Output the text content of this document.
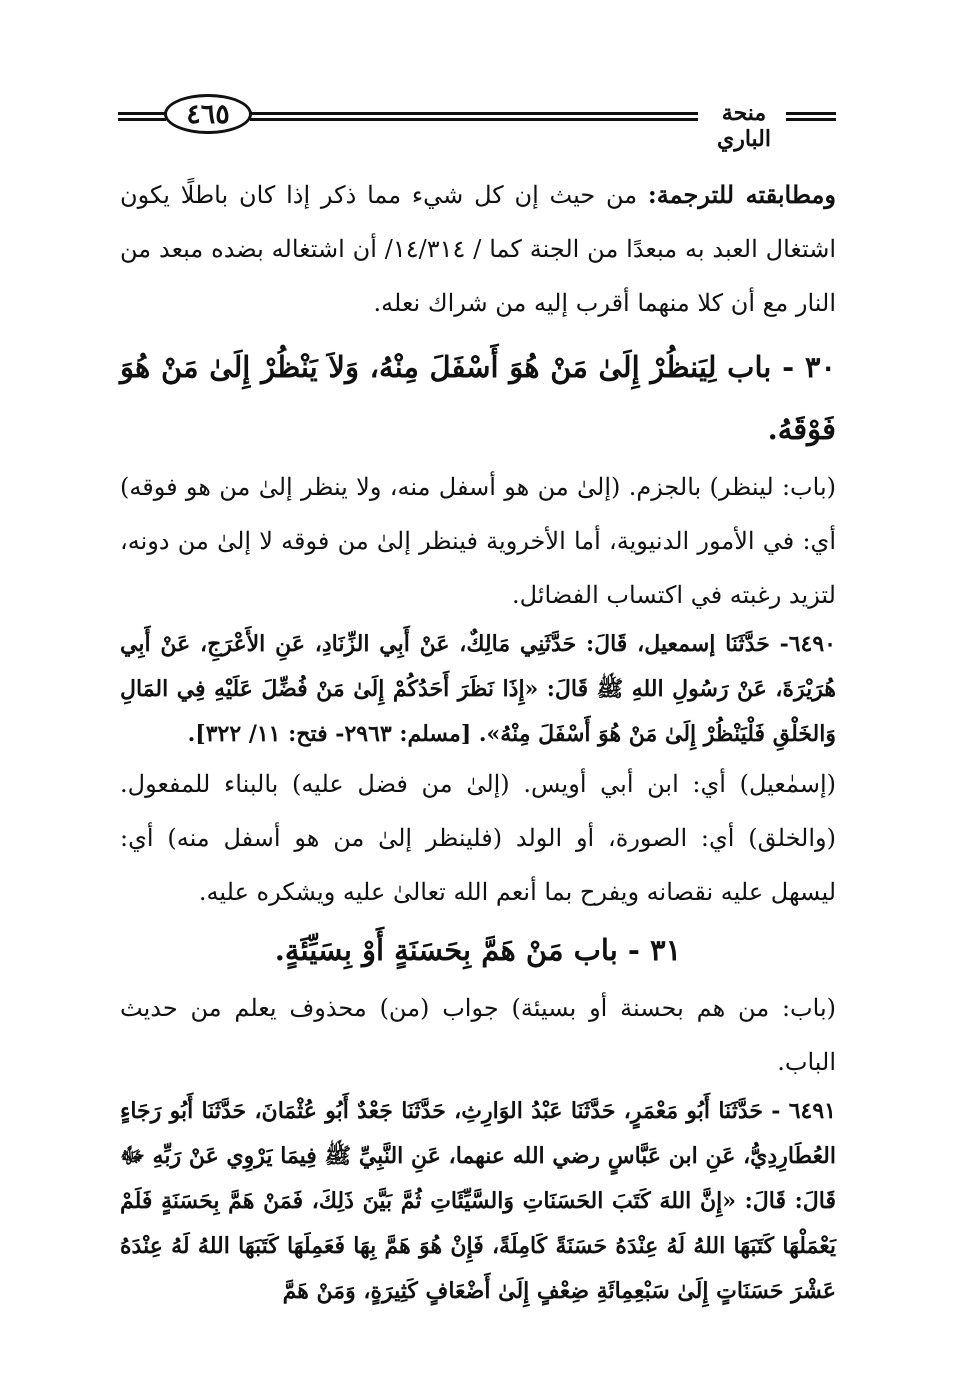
٤٦٥	منحة الباري

ومطابقته للترجمة: من حيث إن كل شيء مما ذكر إذا كان باطلًا يكون اشتغال العبد به مبعدًا من الجنة كما / ١٤/٣١٤/ أن اشتغاله بضده مبعد من النار مع أن كلا منهما أقرب إليه من شراك نعله.

٣٠ - باب لِيَنظُرْ إِلَىٰ مَنْ هُوَ أَسْفَلَ مِنْهُ، وَلاَ يَنْظُرْ إِلَىٰ مَنْ هُوَ فَوْقَهُ.

(باب: لينظر) بالجزم. (إلىٰ من هو أسفل منه، ولا ينظر إلىٰ من هو فوقه) أي: في الأمور الدنيوية، أما الأخروية فينظر إلىٰ من فوقه لا إلىٰ من دونه، لتزيد رغبته في اكتساب الفضائل.

٦٤٩٠- حَدَّثَنَا إسمعيل، قَالَ: حَدَّثَنِي مَالِكٌ، عَنْ أَبِي الزِّنَادِ، عَنِ الأَعْرَجِ، عَنْ أَبِي هُرَيْرَةَ، عَنْ رَسُولِ اللهِ ﷺ قَالَ: «إِذَا نَظَرَ أَحَدُكُمْ إِلَىٰ مَنْ فُضِّلَ عَلَيْهِ فِي المَالِ وَالخَلْقِ فَلْيَنْظُرْ إِلَىٰ مَنْ هُوَ أَسْفَلَ مِنْهُ». [مسلم: ٢٩٦٣- فتح: ١١/ ٣٢٢].

(إسمٰعيل) أي: ابن أبي أويس. (إلىٰ من فضل عليه) بالبناء للمفعول. (والخلق) أي: الصورة، أو الولد (فلينظر إلىٰ من هو أسفل منه) أي: ليسهل عليه نقصانه ويفرح بما أنعم الله تعالىٰ عليه ويشكره عليه.

٣١ - باب مَنْ هَمَّ بِحَسَنَةٍ أَوْ بِسَيِّئَةٍ.

(باب: من هم بحسنة أو بسيئة) جواب (من) محذوف يعلم من حديث الباب.

٦٤٩١ - حَدَّثَنَا أَبُو مَعْمَرٍ، حَدَّثَنَا عَبْدُ الوَارِثِ، حَدَّثَنَا جَعْدٌ أَبُو عُثْمَانَ، حَدَّثَنَا أَبُو رَجَاءٍ العُطَارِدِيُّ، عَنِ ابن عَبَّاسٍ رضي الله عنهما، عَنِ النَّبِيِّ ﷺ فِيمَا يَرْوِي عَنْ رَبِّهِ ﷻ قَالَ: قَالَ: «إِنَّ اللهَ كَتَبَ الحَسَنَاتِ وَالسَّيِّئَاتِ ثُمَّ بَيَّنَ ذَلِكَ، فَمَنْ هَمَّ بِحَسَنَةٍ فَلَمْ يَعْمَلْهَا كَتَبَهَا اللهُ لَهُ عِنْدَهُ حَسَنَةً كَامِلَةً، فَإِنْ هُوَ هَمَّ بِهَا فَعَمِلَهَا كَتَبَهَا اللهُ لَهُ عِنْدَهُ عَشْرَ حَسَنَاتٍ إِلَىٰ سَبْعِمِائَةِ ضِعْفٍ إِلَىٰ أَضْعَافٍ كَثِيرَةٍ، وَمَنْ هَمَّ
